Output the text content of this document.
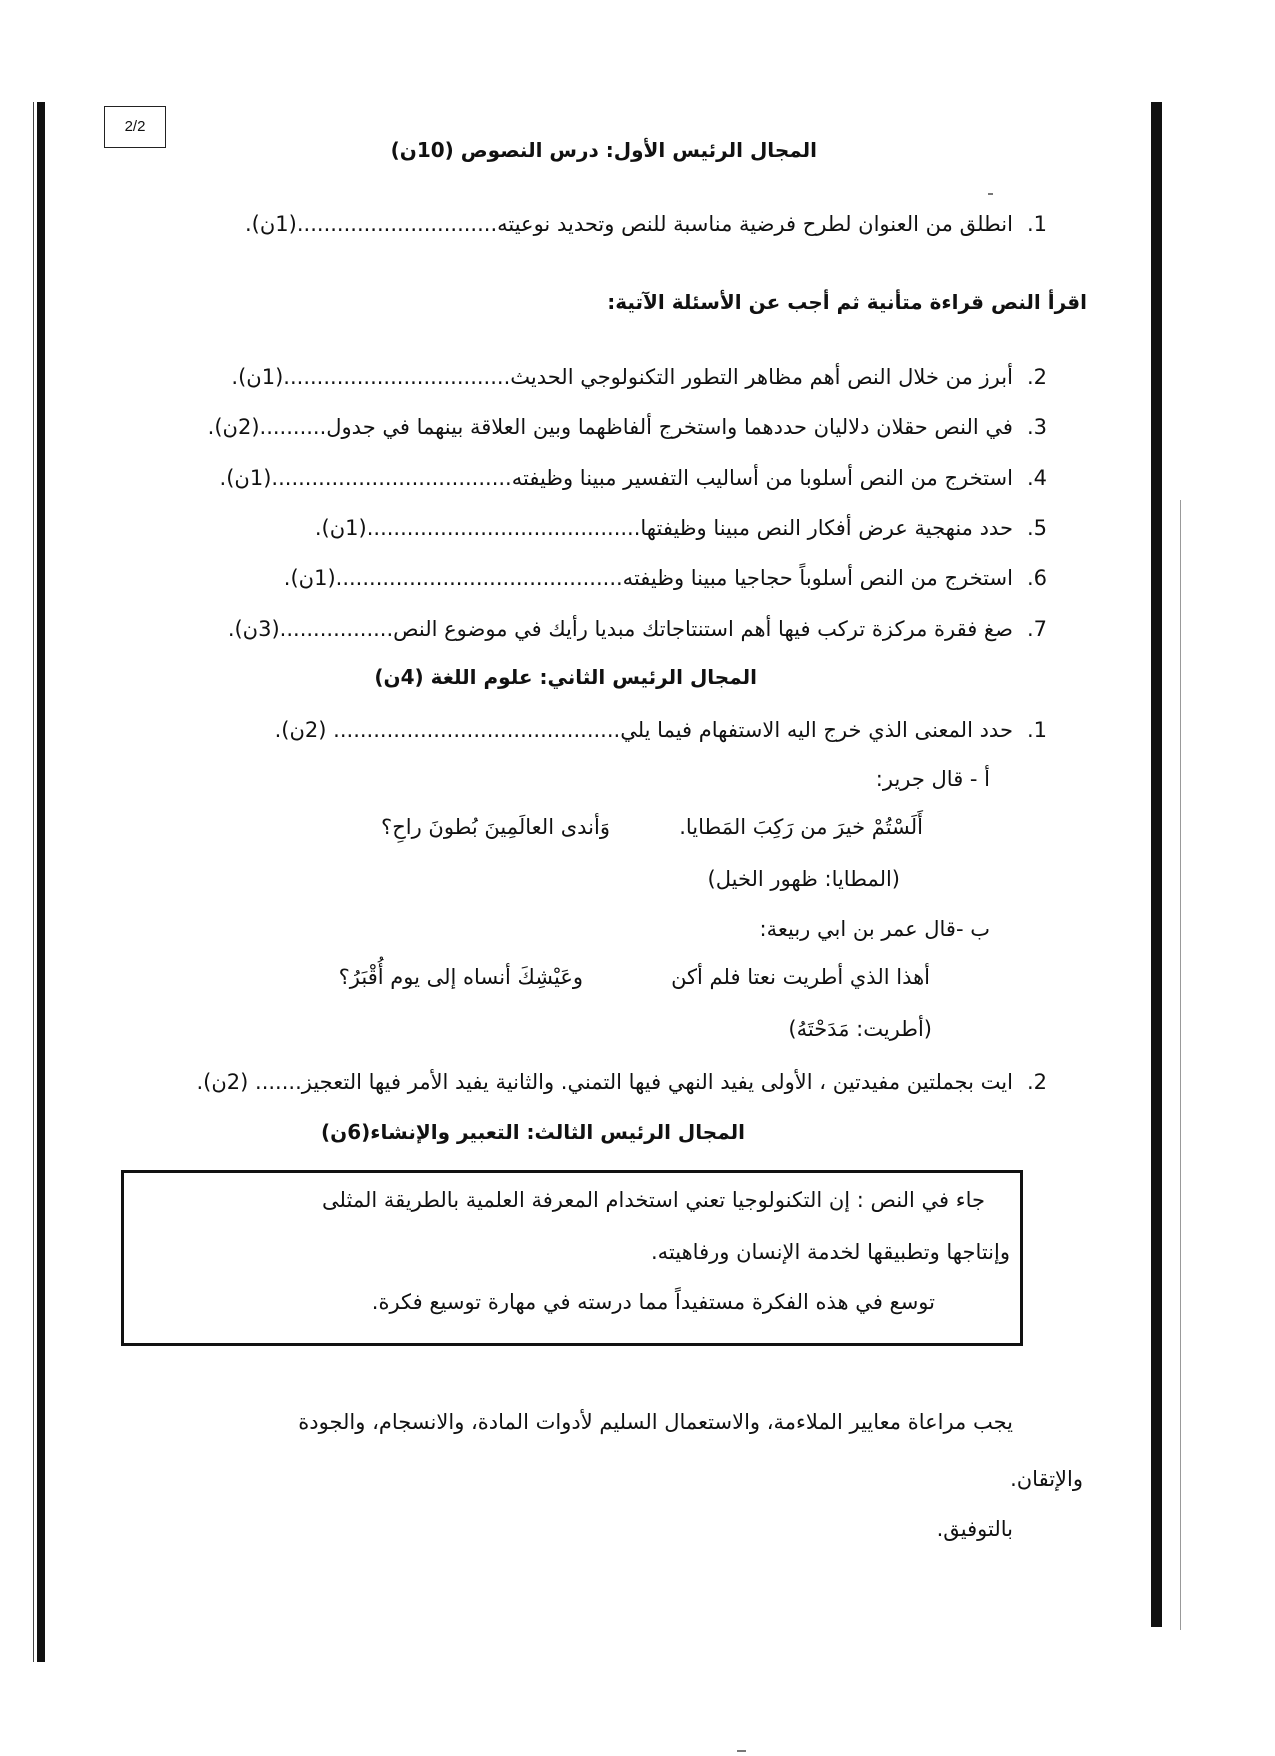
2/2
المجال الرئيس الأول: درس النصوص (10ن)
1.انطلق من العنوان لطرح فرضية مناسبة للنص وتحديد نوعيته..............................(1ن).
اقرأ النص قراءة متأنية ثم أجب عن الأسئلة الآتية:
2.أبرز من خلال النص أهم مظاهر التطور التكنولوجي الحديث..................................(1ن).
3.في النص حقلان دلاليان حددهما واستخرج ألفاظهما وبين العلاقة بينهما في جدول..........(2ن).
4.استخرج من النص أسلوبا من أساليب التفسير مبينا وظيفته....................................(1ن).
5.حدد منهجية عرض أفكار النص مبينا وظيفتها.........................................(1ن).
6.استخرج من النص أسلوباً حجاجيا مبينا وظيفته...........................................(1ن).
7.صغ فقرة مركزة تركب فيها أهم استنتاجاتك مبديا رأيك في موضوع النص.................(3ن).
المجال الرئيس الثاني: علوم اللغة (4ن)
1.حدد المعنى الذي خرج اليه الاستفهام فيما يلي........................................... (2ن).
أ - قال جرير:
أَلَسْتُمْ خيرَ من رَكِبَ المَطايا.
وَأندى العالَمِينَ بُطونَ راحِ؟
(المطايا: ظهور الخيل)
ب -قال عمر بن ابي ربيعة:
أهذا الذي أطريت نعتا فلم أكن
وعَيْشِكَ أنساه إلى يوم أُقْبَرُ؟
(أطريت: مَدَحْتَهُ)
2.ايت بجملتين مفيدتين ، الأولى يفيد النهي فيها التمني. والثانية يفيد الأمر فيها التعجيز....... (2ن).
المجال الرئيس الثالث: التعبير والإنشاء(6ن)
جاء في النص : إن التكنولوجيا تعني استخدام المعرفة العلمية بالطريقة المثلى
وإنتاجها وتطبيقها لخدمة الإنسان ورفاهيته.
توسع في هذه الفكرة مستفيداً مما درسته في مهارة توسيع فكرة.
يجب مراعاة معايير الملاءمة، والاستعمال السليم لأدوات المادة، والانسجام، والجودة
والإتقان.
بالتوفيق.
